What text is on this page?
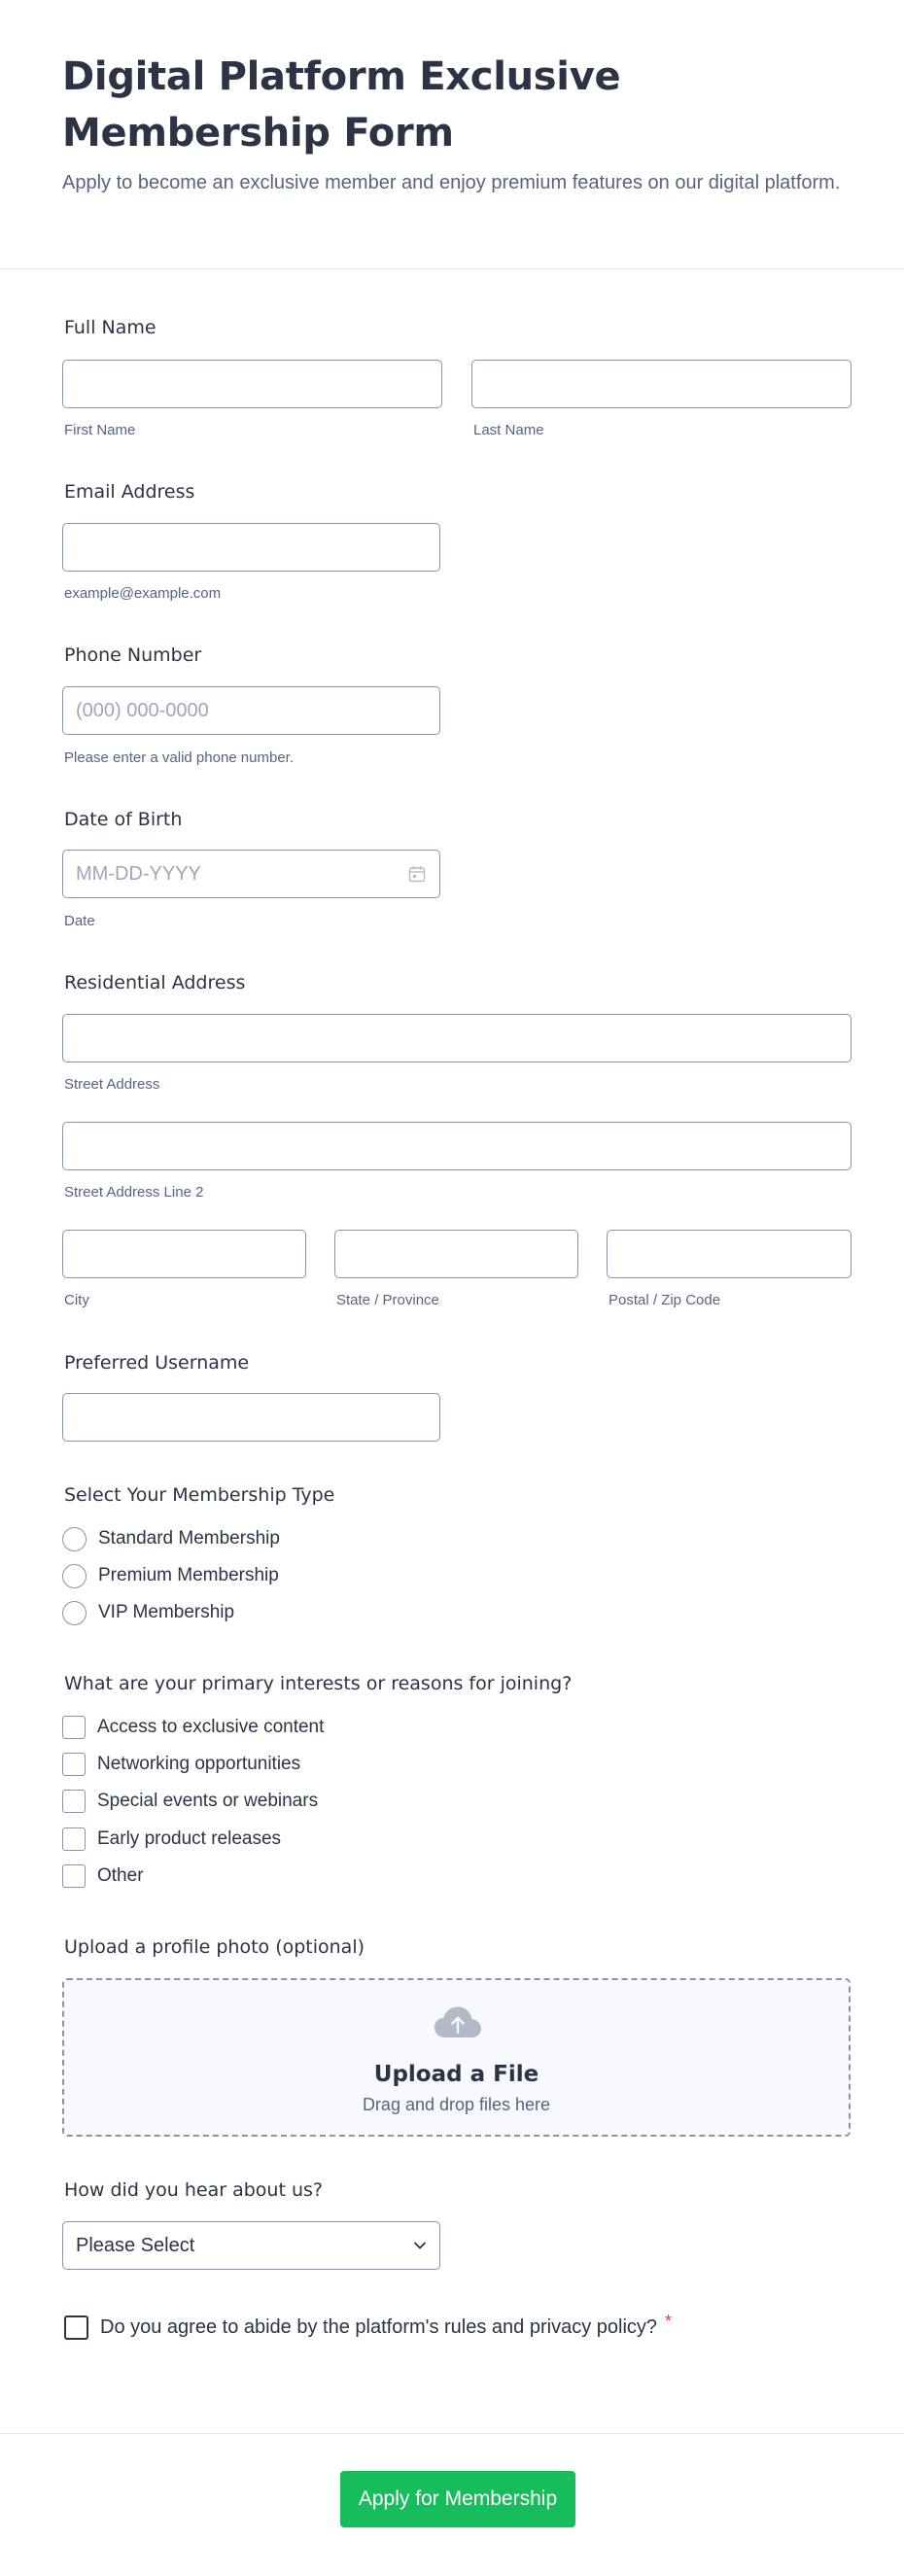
Digital Platform Exclusive Membership Form

Apply to become an exclusive member and enjoy premium features on our digital platform.

Full Name
First Name	Last Name
Email Address
example@example.com
Phone Number
(000) 000-0000
Please enter a valid phone number.
Date of Birth
MM-DD-YYYY
Date
Residential Address
Street Address
Street Address Line 2
City	State / Province	Postal / Zip Code
Preferred Username
Select Your Membership Type
Standard Membership
Premium Membership
VIP Membership
What are your primary interests or reasons for joining?
Access to exclusive content
Networking opportunities
Special events or webinars
Early product releases
Other
Upload a profile photo (optional)
Upload a File
Drag and drop files here
How did you hear about us?
Please Select
Do you agree to abide by the platform's rules and privacy policy? *
Apply for Membership
